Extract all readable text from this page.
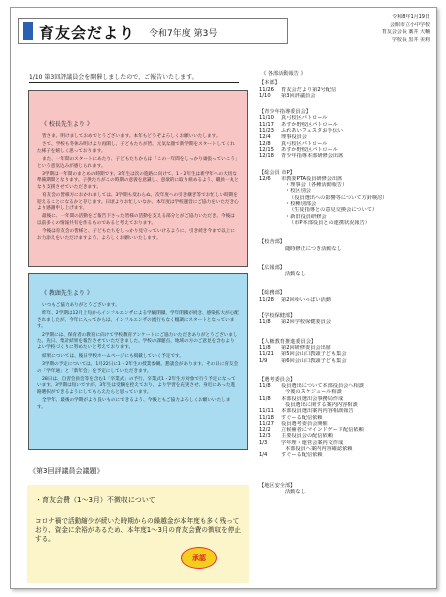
育友会だより 令和7年度 第3号
令和8年1月19日
会館市立小中学校
育友会会長 藁井 大輔
学校長 黒井 美莉
1/10 第3回評議員会を開催しましたので、ご報告いたします。
《 校長先生より 》

皆さま、明けましておめでとうございます。本年もどうぞよろしくお願いいたします。

さて、学校も冬休み明けより再開し、子どもたちが皆、元気な顔で新学期をスタートしてくれた様子を嬉しく思っております。

また、一年間のスタートにあたり、子どもたちからは「この一年間をしっかり頑張っていこう」という意気込みが感じられます。

3学期は一年間のまとめの時期です。3年生は次の進路に向けて、1・2年生は新学年への大切な準備期間となります。子供たちがこの時期の意義を意識し、意欲的に取り組めるよう、職員一丸となり支援させていただきます。

育友会の皆様方におかれましては、3学期も変わらぬ、次年度への引き継ぎ等でお忙しい時期を迎えることになるかと存じます。日頃よりお忙しいなか、本年度は学校運営にご協力をいただき心より感謝申し上げます。

最後に、一年間の活動をご報告下さった皆様の活動を支える部分とがご協力いただき、今後は以前多くの情報共有を作るものであると考えております。

今後は育友会の皆様と、子どもたちをしっかり見守っていけるように、引き続き今まで以上にお力添えをいただけますよう、よろしくお願いいたします。

《 教頭先生より 》

いつもご協力ありがとうございます。

昨年、2学期は12月上旬からインフルエンザによる学級閉鎖、学年閉鎖が続き、感染拡大が心配されましたが、今年に入ってからは、インフルエンザの流行もなく順調にスタートとなっています。

2学期には、保育者の教育に向けて学校教育アンケートにご協力いただきありがとうございました。先日、集計結果を報告させていただきました。学校の課題点、地域の方のご意見を含むよりよい学校づくりに努めたいと考えております。

結果については、後日学校ホームページにも掲載していく予定です。

3学期の予定については、1月22日に1・2年生の授業参観、懇談会があります。その日に育友会の「学年通」と「新年会」を予定にしていただきます。

28日は、自習会員会等を含む1「卒業式」の予行、卒業式1・2年生方対象で行う予定になっています。3学期は短いですが、3年生は受験を控えており、より学習を充実させ、身近にあった進路選択ができるようにしてもらえたらと思っています。

全学年、最後の学期がより良いものにできるよう、今後ともご協力よろしくお願いいたします。

《第3回評議員会議題》
・育友会費（1～3月）不徴収について
コロナ禍で活動縮少が続いた時期からの繰越金が本年度も多く残っており、資金に余裕があるため、本年度1～3月の育友会費の徴収を停止する。
承認
《 各部活動報告 》
【本部】
11/26	育友会だより第2号配信
1/10	第3回評議員会
【青少年指導委員会】
11/10	真弓校区パトロール
11/17	あすか野校区パトロール
11/23	ふれあいフェスタお手伝い
12/4	理事役員会
12/8	真弓校区パトロール
12/15	あすか野校区パトロール
12/18	青少年指導本部研修会出席
【総会員 市P】
12/6	市教委PTA役員研修会出席
・理事会（各種活動報告）
・校区別会
（役員選出への影響等について方針検討）
・校種別部会
（生徒指導との意見交換会について）
・新旧役員研修会
（市P本部役員との連携状況報告）
【校舎部】
随時修正につき活動なし
【広報部】
活動なし
【総務部】
11/28	第2回ゆいっぱい活動
【学校保健部】
11/8	第2回学校保健委員会
【人権教育推進委員会】
11/8	第2回研修委員会出席
11/21	第5回会山口教頭子ども集会
1/9	第6回会山口教頭子ども集会
【選考委員会】
11/8	役員選出について本部役員会へ相談
今後のスケジュール相談
11/8	本部役員選出会事務局作成
役員選出に関する案内内容相談
11/11	本部役員選出案内内容相談報告
11/18	すぐーる配信依頼
11/27	役員選考委員会開催
12/2	立候補者にマインドゲード配信依頼
12/3	主要役員会の配信依頼
1/3	学年理・運営会案内文作成
本部役員へ案内内容確認依頼
1/4	すぐーる配信依頼
【地区安全部】
活動なし
